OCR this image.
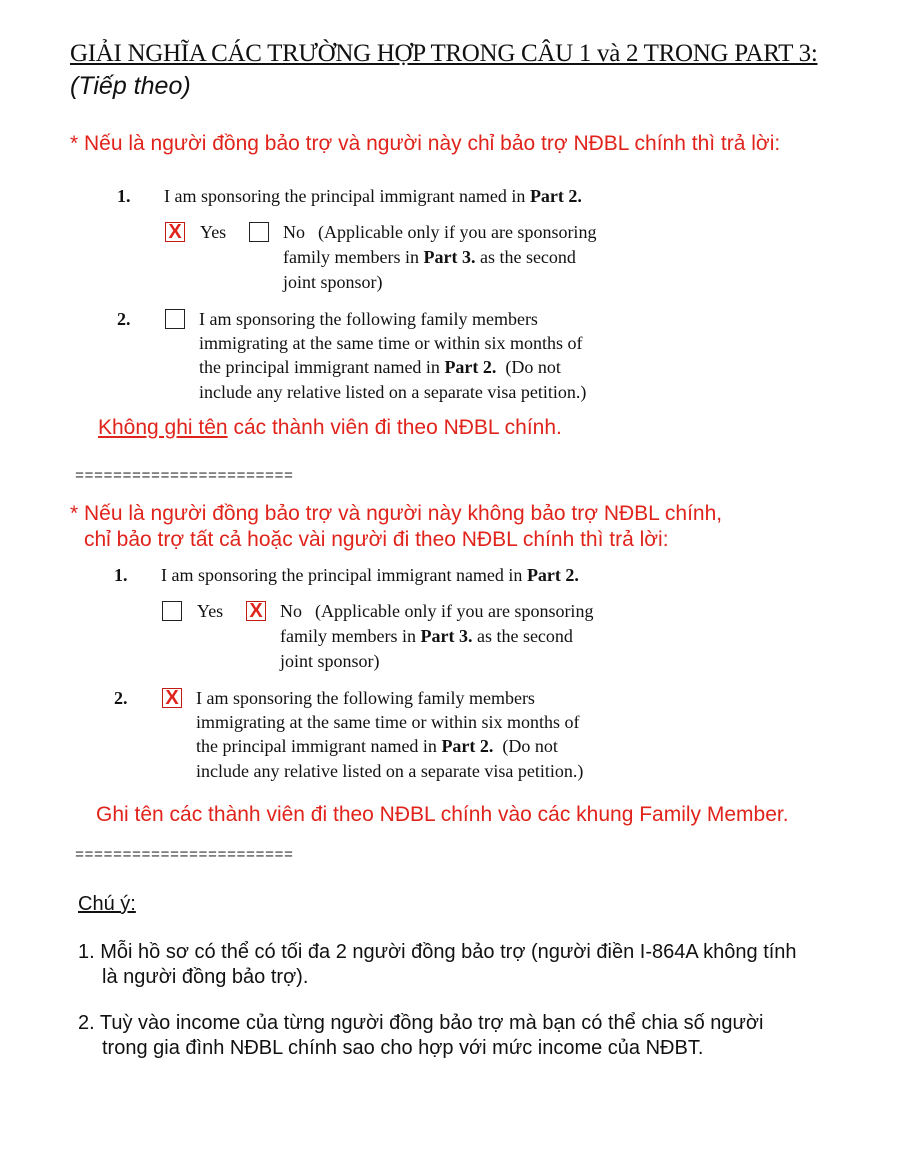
GIẢI NGHĨA CÁC TRƯỜNG HỢP TRONG CÂU 1 và 2 TRONG PART 3:
(Tiếp theo)
* Nếu là người đồng bảo trợ và người này chỉ bảo trợ NĐBL chính thì trả lời:
1. I am sponsoring the principal immigrant named in Part 2.
X Yes	No (Applicable only if you are sponsoring
family members in Part 3. as the second
joint sponsor)
2.	I am sponsoring the following family members
immigrating at the same time or within six months of
the principal immigrant named in Part 2.  (Do not
include any relative listed on a separate visa petition.)
Không ghi tên các thành viên đi theo NĐBL chính.
=======================
* Nếu là người đồng bảo trợ và người này không bảo trợ NĐBL chính,
chỉ bảo trợ tất cả hoặc vài người đi theo NĐBL chính thì trả lời:
1. I am sponsoring the principal immigrant named in Part 2.
Yes X No (Applicable only if you are sponsoring
family members in Part 3. as the second
joint sponsor)
2. X I am sponsoring the following family members
immigrating at the same time or within six months of
the principal immigrant named in Part 2.  (Do not
include any relative listed on a separate visa petition.)
Ghi tên các thành viên đi theo NĐBL chính vào các khung Family Member.
=======================
Chú ý:
1. Mỗi hồ sơ có thể có tối đa 2 người đồng bảo trợ (người điền I-864A không tính
là người đồng bảo trợ).
2. Tuỳ vào income của từng người đồng bảo trợ mà bạn có thể chia số người
trong gia đình NĐBL chính sao cho hợp với mức income của NĐBT.
